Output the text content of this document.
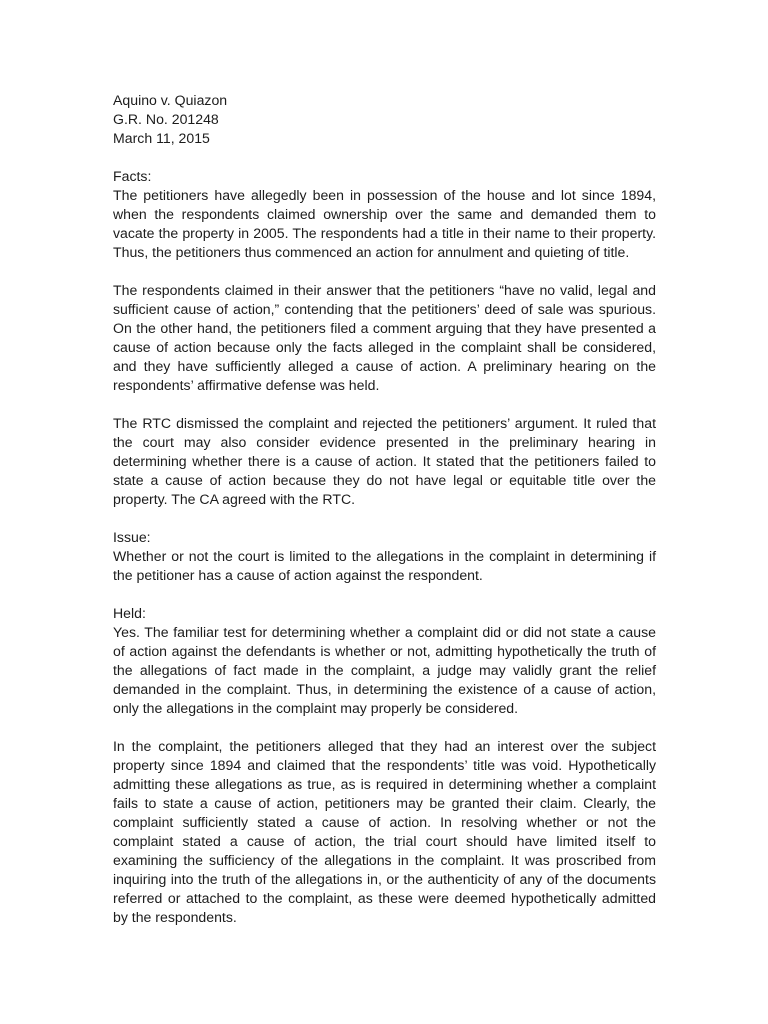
Aquino v. Quiazon

G.R. No. 201248

March 11, 2015

Facts:

The petitioners have allegedly been in possession of the house and lot since 1894, when the respondents claimed ownership over the same and demanded them to vacate the property in 2005. The respondents had a title in their name to their property. Thus, the petitioners thus commenced an action for annulment and quieting of title.

The respondents claimed in their answer that the petitioners “have no valid, legal and sufficient cause of action,” contending that the petitioners’ deed of sale was spurious. On the other hand, the petitioners filed a comment arguing that they have presented a cause of action because only the facts alleged in the complaint shall be considered, and they have sufficiently alleged a cause of action. A preliminary hearing on the respondents’ affirmative defense was held.

The RTC dismissed the complaint and rejected the petitioners’ argument. It ruled that the court may also consider evidence presented in the preliminary hearing in determining whether there is a cause of action. It stated that the petitioners failed to state a cause of action because they do not have legal or equitable title over the property. The CA agreed with the RTC.

Issue:

Whether or not the court is limited to the allegations in the complaint in determining if the petitioner has a cause of action against the respondent.

Held:

Yes. The familiar test for determining whether a complaint did or did not state a cause of action against the defendants is whether or not, admitting hypothetically the truth of the allegations of fact made in the complaint, a judge may validly grant the relief demanded in the complaint. Thus, in determining the existence of a cause of action, only the allegations in the complaint may properly be considered.

In the complaint, the petitioners alleged that they had an interest over the subject property since 1894 and claimed that the respondents’ title was void. Hypothetically admitting these allegations as true, as is required in determining whether a complaint fails to state a cause of action, petitioners may be granted their claim. Clearly, the complaint sufficiently stated a cause of action. In resolving whether or not the complaint stated a cause of action, the trial court should have limited itself to examining the sufficiency of the allegations in the complaint. It was proscribed from inquiring into the truth of the allegations in, or the authenticity of any of the documents referred or attached to the complaint, as these were deemed hypothetically admitted by the respondents.
